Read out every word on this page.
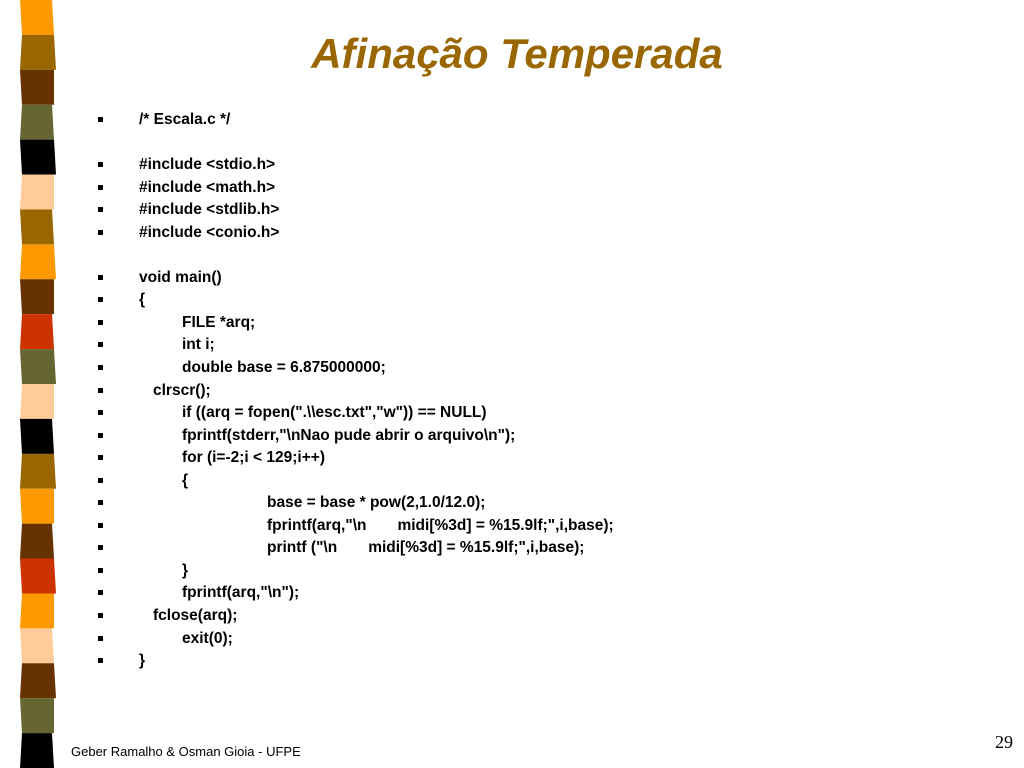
Afinação Temperada
/* Escala.c */
#include <stdio.h>
#include <math.h>
#include <stdlib.h>
#include <conio.h>
void main()
{
FILE *arq;
int i;
double base = 6.875000000;
clrscr();
if ((arq = fopen(".\\esc.txt","w")) == NULL)
fprintf(stderr,"\nNao pude abrir o arquivo\n");
for (i=-2;i < 129;i++)
{
base = base * pow(2,1.0/12.0);
fprintf(arq,"\n  midi[%3d] = %15.9lf;",i,base);
printf ("\n  midi[%3d] = %15.9lf;",i,base);
}
fprintf(arq,"\n");
fclose(arq);
exit(0);
}
Geber Ramalho & Osman Gioia - UFPE	29
